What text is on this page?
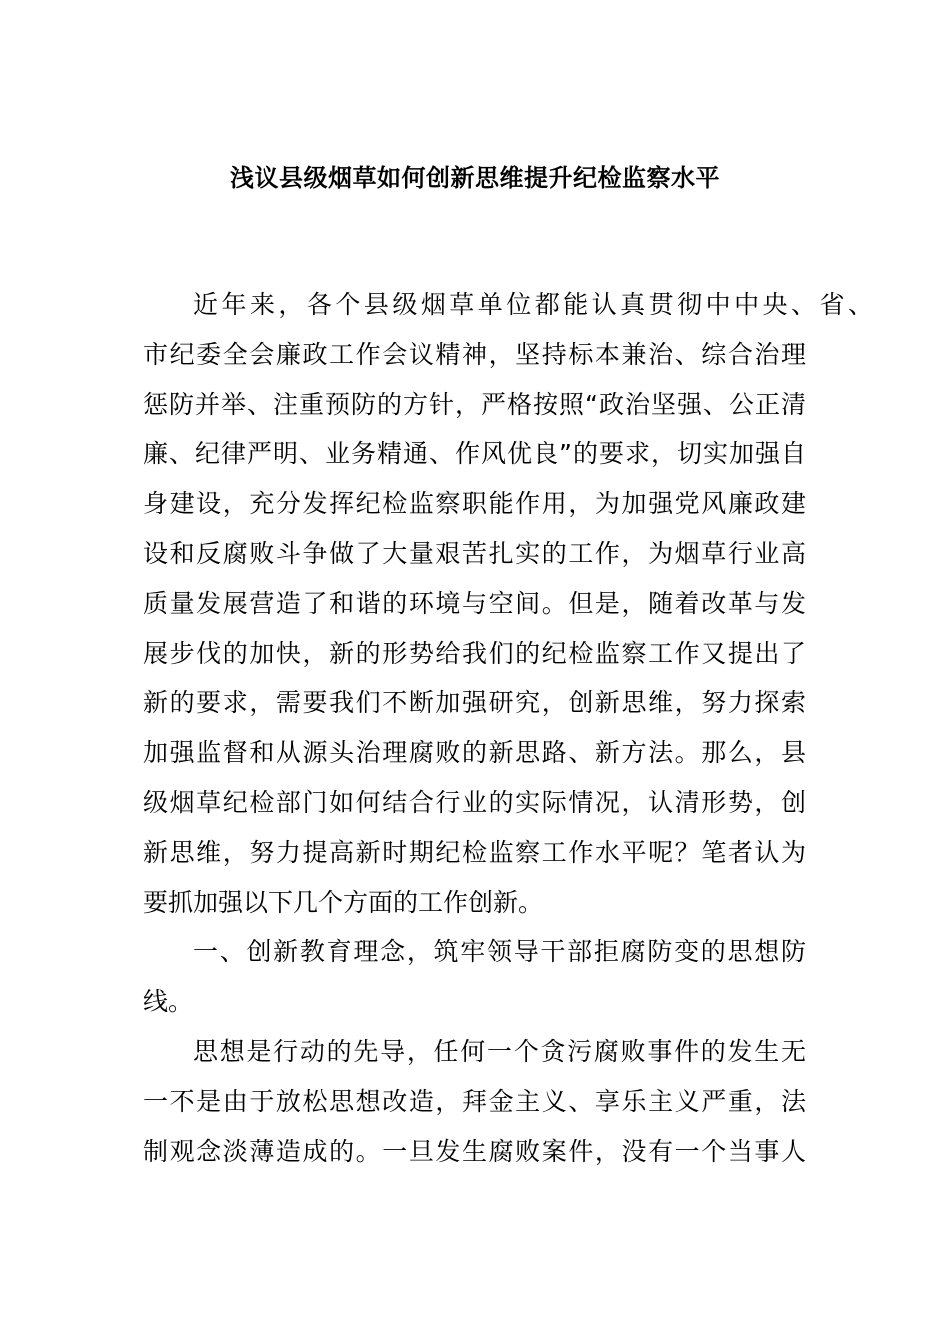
浅议县级烟草如何创新思维提升纪检监察水平
近年来，各个县级烟草单位都能认真贯彻中中央、省、
市纪委全会廉政工作会议精神，坚持标本兼治、综合治理
惩防并举、注重预防的方针，严格按照“政治坚强、公正清
廉、纪律严明、业务精通、作风优良”的要求，切实加强自
身建设，充分发挥纪检监察职能作用，为加强党风廉政建
设和反腐败斗争做了大量艰苦扎实的工作，为烟草行业高
质量发展营造了和谐的环境与空间。但是，随着改革与发
展步伐的加快，新的形势给我们的纪检监察工作又提出了
新的要求，需要我们不断加强研究，创新思维，努力探索
加强监督和从源头治理腐败的新思路、新方法。那么，县
级烟草纪检部门如何结合行业的实际情况，认清形势，创
新思维，努力提高新时期纪检监察工作水平呢？笔者认为
要抓加强以下几个方面的工作创新。
一、创新教育理念，筑牢领导干部拒腐防变的思想防
线。
思想是行动的先导，任何一个贪污腐败事件的发生无
一不是由于放松思想改造，拜金主义、享乐主义严重，法
制观念淡薄造成的。一旦发生腐败案件，没有一个当事人
